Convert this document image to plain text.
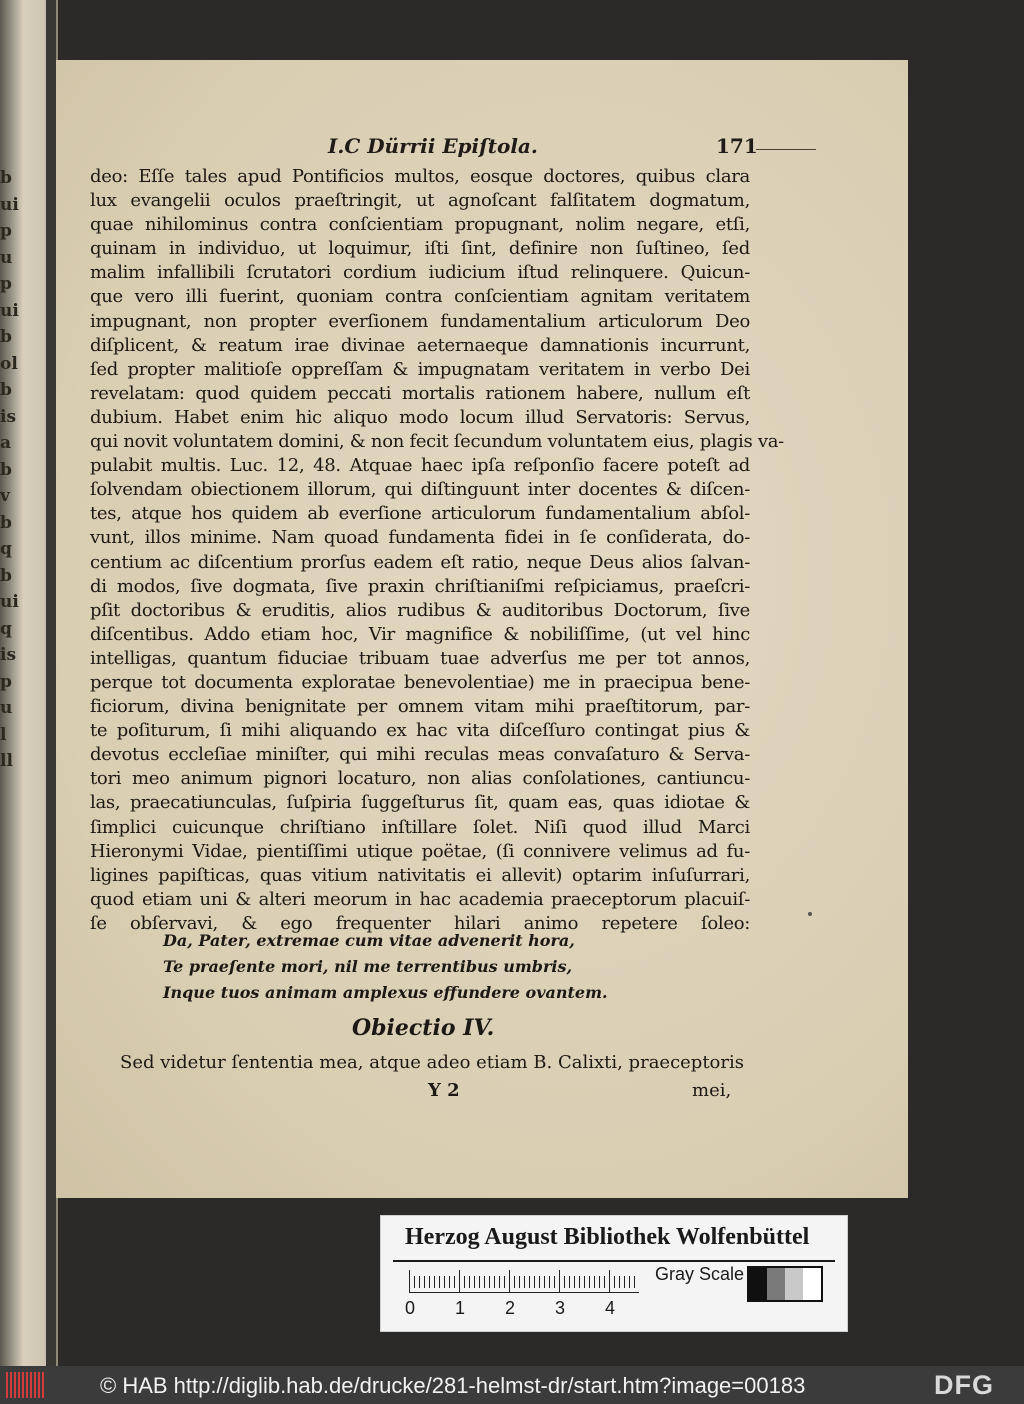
b
ui
p
u
p
ui
b
ol
b
is
a
b
v
b
q
b
ui
q
is
p
u
l
ll
I.C Dürrii Epiſtola.	171
deo: Eſſe tales apud Pontificios multos, eosque doctores, quibus clara
lux evangelii oculos praeſtringit, ut agnoſcant falſitatem dogmatum,
quae nihilominus contra conſcientiam propugnant, nolim negare, etſi,
quinam in individuo, ut loquimur, iſti ſint, definire non ſuſtineo, ſed
malim infallibili ſcrutatori cordium iudicium iſtud relinquere. Quicun-
que vero illi fuerint, quoniam contra conſcientiam agnitam veritatem
impugnant, non propter everſionem fundamentalium articulorum Deo
diſplicent, & reatum irae divinae aeternaeque damnationis incurrunt,
ſed propter malitioſe oppreſſam & impugnatam veritatem in verbo Dei
revelatam: quod quidem peccati mortalis rationem habere, nullum eſt
dubium. Habet enim hic aliquo modo locum illud Servatoris: Servus,
qui novit voluntatem domini, & non fecit ſecundum voluntatem eius, plagis va-
pulabit multis. Luc. 12, 48. Atquae haec ipſa reſponſio facere poteſt ad
ſolvendam obiectionem illorum, qui diſtinguunt inter docentes & diſcen-
tes, atque hos quidem ab everſione articulorum fundamentalium abſol-
vunt, illos minime. Nam quoad fundamenta fidei in ſe conſiderata, do-
centium ac diſcentium prorſus eadem eſt ratio, neque Deus alios ſalvan-
di modos, ſive dogmata, ſive praxin chriſtianiſmi reſpiciamus, praeſcri-
pſit doctoribus & eruditis, alios rudibus & auditoribus Doctorum, ſive
diſcentibus. Addo etiam hoc, Vir magnifice & nobiliſſime, (ut vel hinc
intelligas, quantum fiduciae tribuam tuae adverſus me per tot annos,
perque tot documenta exploratae benevolentiae) me in praecipua bene-
ficiorum, divina benignitate per omnem vitam mihi praeſtitorum, par-
te poſiturum, ſi mihi aliquando ex hac vita diſceſſuro contingat pius &
devotus eccleſiae miniſter, qui mihi reculas meas convaſaturo & Serva-
tori meo animum pignori locaturo, non alias conſolationes, cantiuncu-
las, praecatiunculas, ſuſpiria ſuggeſturus ſit, quam eas, quas idiotae &
ſimplici cuicunque chriſtiano inſtillare ſolet. Niſi quod illud Marci
Hieronymi Vidae, pientiſſimi utique poëtae, (ſi connivere velimus ad fu-
ligines papiſticas, quas vitium nativitatis ei allevit) optarim inſuſurrari,
quod etiam uni & alteri meorum in hac academia praeceptorum placuiſ-
ſe obſervavi, & ego frequenter hilari animo repetere ſoleo:
Da, Pater, extremae cum vitae advenerit hora,
Te praeſente mori, nil me terrentibus umbris,
Inque tuos animam amplexus effundere ovantem.
Obiectio IV.
Sed videtur ſententia mea, atque adeo etiam B. Calixti, praeceptoris
Y 2	mei,
Herzog August Bibliothek Wolfenbüttel
0 1 2 3 4
Gray Scale
© HAB http://diglib.hab.de/drucke/281-helmst-dr/start.htm?image=00183	DFG
